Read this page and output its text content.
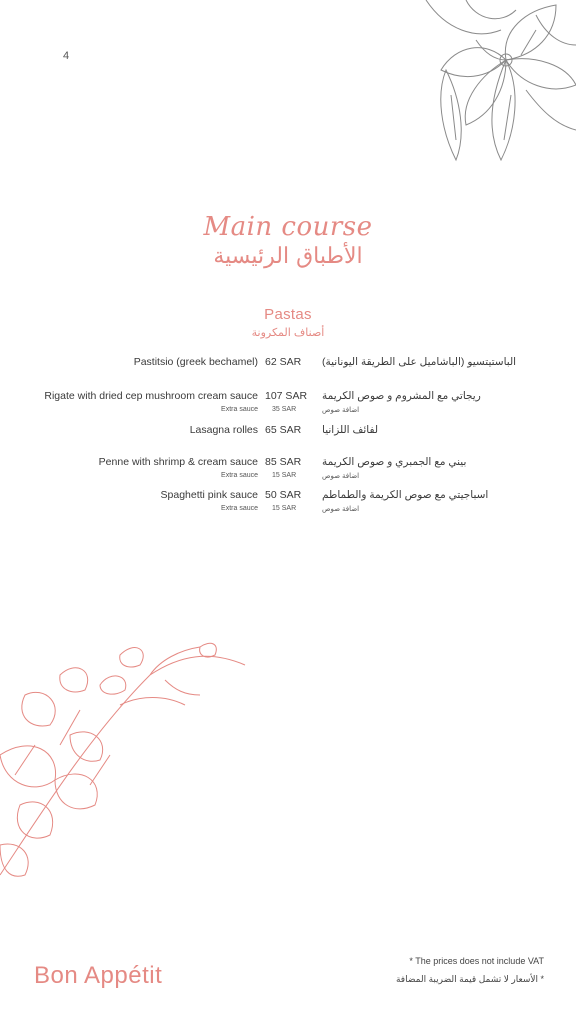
4
Main course
الأطباق الرئيسية
Pastas
أصناف المكرونة
Pastitsio (greek bechamel) 62 SAR الباستيتسيو (الباشاميل على الطريقة اليونانية)
Rigate with dried cep mushroom cream sauce 107 SAR ريجاتي مع المشروم و صوص الكريمة
Extra sauce 35 SAR	اضافة صوص
Lasagna rolles 65 SAR لفائف اللزانيا
Penne with shrimp & cream sauce 85 SAR بيني مع الجمبري و صوص الكريمة
Extra sauce 15 SAR	اضافة صوص
Spaghetti pink sauce 50 SAR اسباجيتي مع صوص الكريمة والطماطم
Extra sauce 15 SAR	اضافة صوص
Bon Appétit
* The prices does not include VAT
* الأسعار لا تشمل قيمة الضريبة المضافة
